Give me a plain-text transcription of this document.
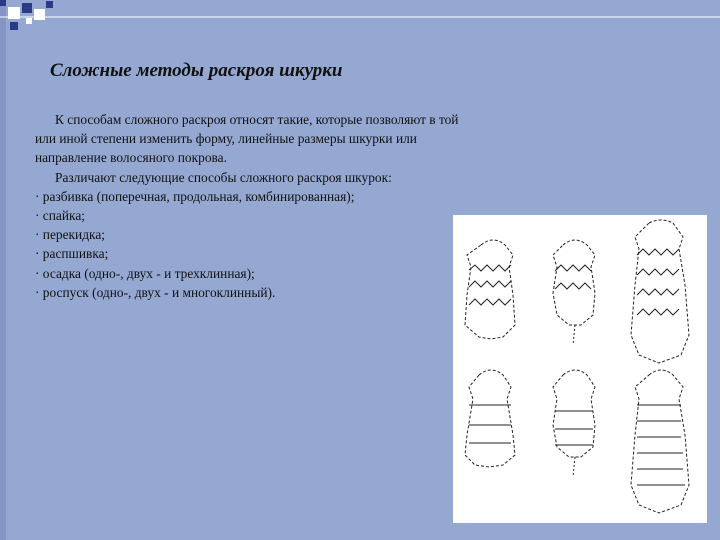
Сложные методы раскроя шкурки

К способам сложного раскроя относят такие, которые позволяют в той или иной степени изменить форму, линейные размеры шкурки или направление волосяного покрова.

Различают следующие способы сложного раскроя шкурок:

· разбивка (поперечная, продольная, комбинированная);
· спайка;
· перекидка;
· распшивка;
· осадка (одно-, двух - и трехклинная);
· роспуск (одно-, двух - и многоклинный).
